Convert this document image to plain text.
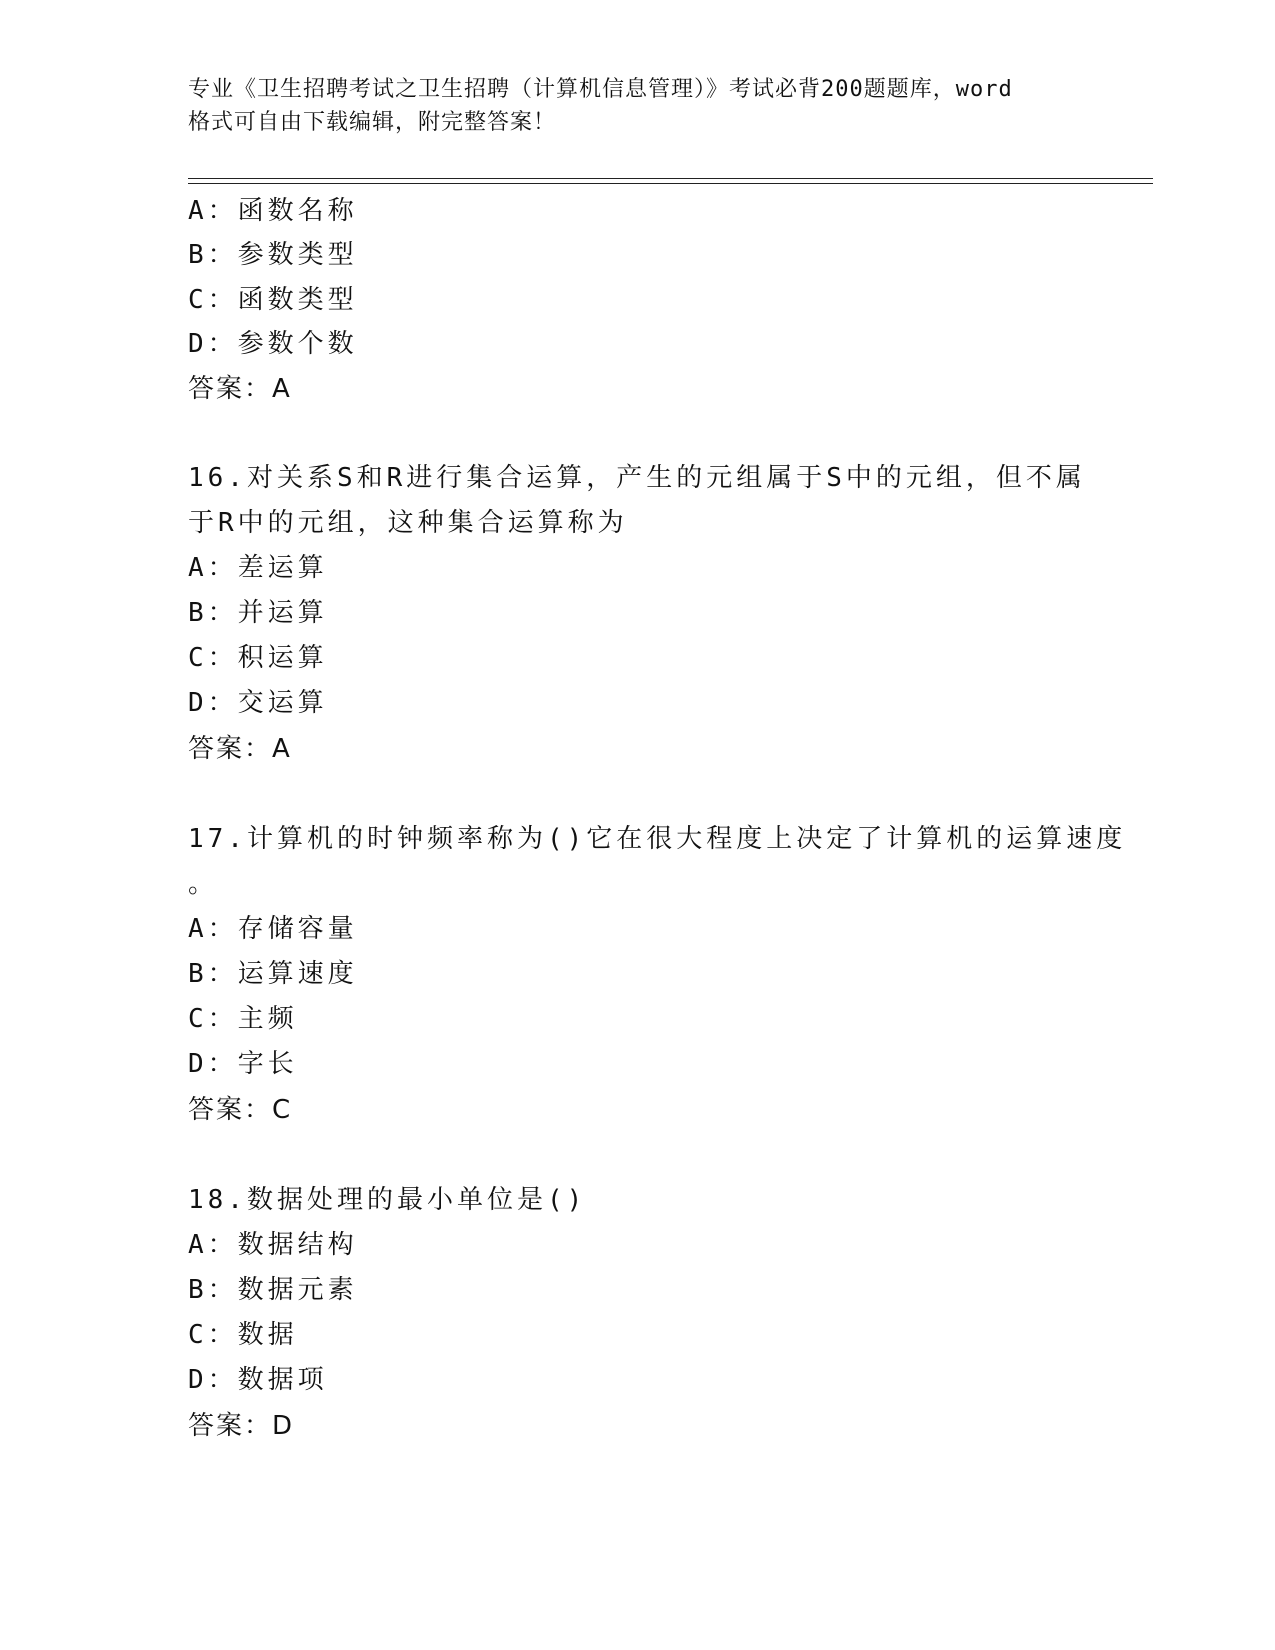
专业《卫生招聘考试之卫生招聘（计算机信息管理）》考试必背200题题库，word
格式可自由下载编辑，附完整答案！
A：函数名称
B：参数类型
C：函数类型
D：参数个数
答案：A
16.对关系S和R进行集合运算，产生的元组属于S中的元组，但不属
于R中的元组，这种集合运算称为
A：差运算
B：并运算
C：积运算
D：交运算
答案：A
17.计算机的时钟频率称为()它在很大程度上决定了计算机的运算速度
。
A：存储容量
B：运算速度
C：主频
D：字长
答案：C
18.数据处理的最小单位是()
A：数据结构
B：数据元素
C：数据
D：数据项
答案：D
